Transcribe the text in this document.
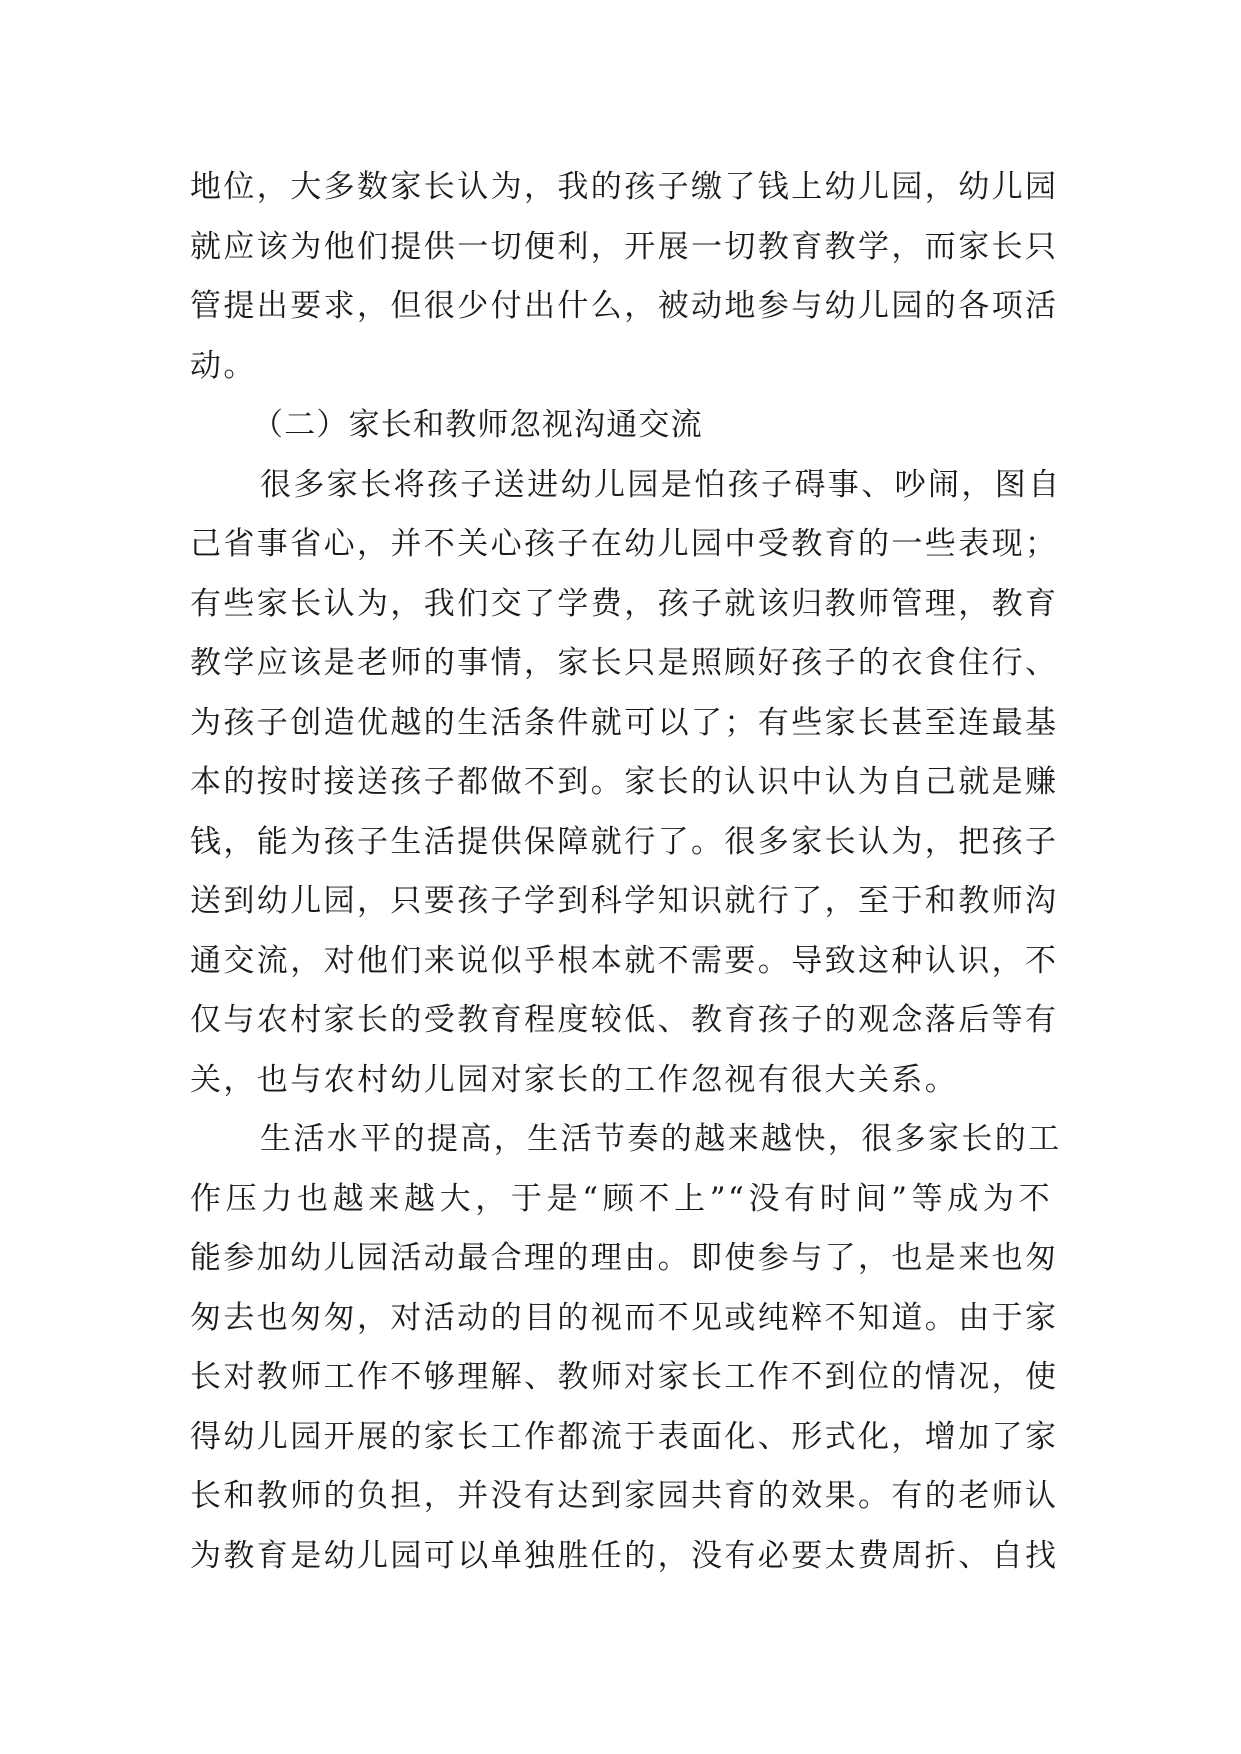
地位，大多数家长认为，我的孩子缴了钱上幼儿园，幼儿园
就应该为他们提供一切便利，开展一切教育教学，而家长只
管提出要求，但很少付出什么，被动地参与幼儿园的各项活
动。
（二）家长和教师忽视沟通交流
很多家长将孩子送进幼儿园是怕孩子碍事、吵闹，图自
己省事省心，并不关心孩子在幼儿园中受教育的一些表现；
有些家长认为，我们交了学费，孩子就该归教师管理，教育
教学应该是老师的事情，家长只是照顾好孩子的衣食住行、
为孩子创造优越的生活条件就可以了；有些家长甚至连最基
本的按时接送孩子都做不到。家长的认识中认为自己就是赚
钱，能为孩子生活提供保障就行了。很多家长认为，把孩子
送到幼儿园，只要孩子学到科学知识就行了，至于和教师沟
通交流，对他们来说似乎根本就不需要。导致这种认识，不
仅与农村家长的受教育程度较低、教育孩子的观念落后等有
关，也与农村幼儿园对家长的工作忽视有很大关系。
生活水平的提高，生活节奏的越来越快，很多家长的工
作压力也越来越大，于是“顾不上”“没有时间”等成为不
能参加幼儿园活动最合理的理由。即使参与了，也是来也匆
匆去也匆匆，对活动的目的视而不见或纯粹不知道。由于家
长对教师工作不够理解、教师对家长工作不到位的情况，使
得幼儿园开展的家长工作都流于表面化、形式化，增加了家
长和教师的负担，并没有达到家园共育的效果。有的老师认
为教育是幼儿园可以单独胜任的，没有必要太费周折、自找
